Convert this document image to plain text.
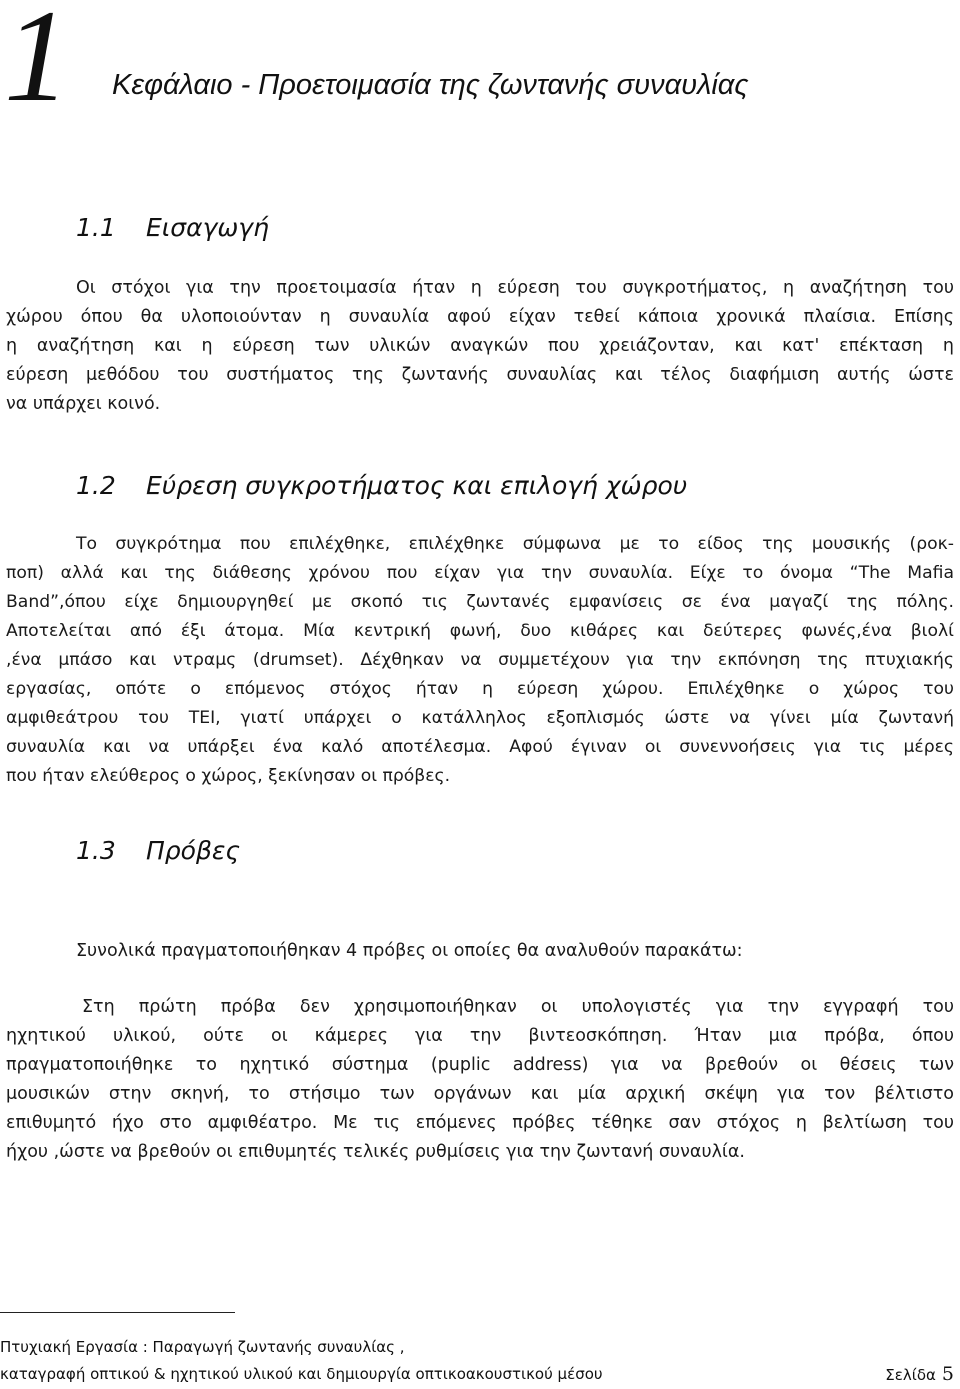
1 Κεφάλαιο - Προετοιμασία της ζωντανής συναυλίας
1.1 Εισαγωγή
Οι στόχοι για την προετοιμασία ήταν η εύρεση του συγκροτήματος, η αναζήτηση του
χώρου όπου θα υλοποιούνταν η συναυλία αφού είχαν τεθεί κάποια χρονικά πλαίσια. Επίσης
η αναζήτηση και η εύρεση των υλικών αναγκών που χρειάζονταν, και κατ' επέκταση η
εύρεση μεθόδου του συστήματος της ζωντανής συναυλίας και τέλος διαφήμιση αυτής ώστε
να υπάρχει κοινό.
1.2 Εύρεση συγκροτήματος και επιλογή χώρου
Το συγκρότημα που επιλέχθηκε, επιλέχθηκε σύμφωνα με το είδος της μουσικής (ροκ-
ποπ) αλλά και της διάθεσης χρόνου που είχαν για την συναυλία. Είχε το όνομα “The Mafia
Band”,όπου είχε δημιουργηθεί με σκοπό τις ζωντανές εμφανίσεις σε ένα μαγαζί της πόλης.
Αποτελείται από έξι άτομα. Μία κεντρική φωνή, δυο κιθάρες και δεύτερες φωνές,ένα βιολί
,ένα μπάσο και ντραμς (drumset). Δέχθηκαν να συμμετέχουν για την εκπόνηση της πτυχιακής
εργασίας, οπότε ο επόμενος στόχος ήταν η εύρεση χώρου. Επιλέχθηκε ο χώρος του
αμφιθεάτρου του ΤΕΙ, γιατί υπάρχει ο κατάλληλος εξοπλισμός ώστε να γίνει μία ζωντανή
συναυλία και να υπάρξει ένα καλό αποτέλεσμα. Αφού έγιναν οι συνεννοήσεις για τις μέρες
που ήταν ελεύθερος ο χώρος, ξεκίνησαν οι πρόβες.
1.3 Πρόβες
Συνολικά πραγματοποιήθηκαν 4 πρόβες οι οποίες θα αναλυθούν παρακάτω:
Στη πρώτη πρόβα δεν χρησιμοποιήθηκαν οι υπολογιστές για την εγγραφή του
ηχητικού υλικού, ούτε οι κάμερες για την βιντεοσκόπηση. Ήταν μια πρόβα, όπου
πραγματοποιήθηκε το ηχητικό σύστημα (puplic address) για να βρεθούν οι θέσεις των
μουσικών στην σκηνή, το στήσιμο των οργάνων και μία αρχική σκέψη για τον βέλτιστο
επιθυμητό ήχο στο αμφιθέατρο. Με τις επόμενες πρόβες τέθηκε σαν στόχος η βελτίωση του
ήχου ,ώστε να βρεθούν οι επιθυμητές τελικές ρυθμίσεις για την ζωντανή συναυλία.
Πτυχιακή Εργασία : Παραγωγή ζωντανής συναυλίας ,
καταγραφή οπτικού & ηχητικού υλικού και δημιουργία οπτικοακουστικού μέσου	Σελίδα 5
